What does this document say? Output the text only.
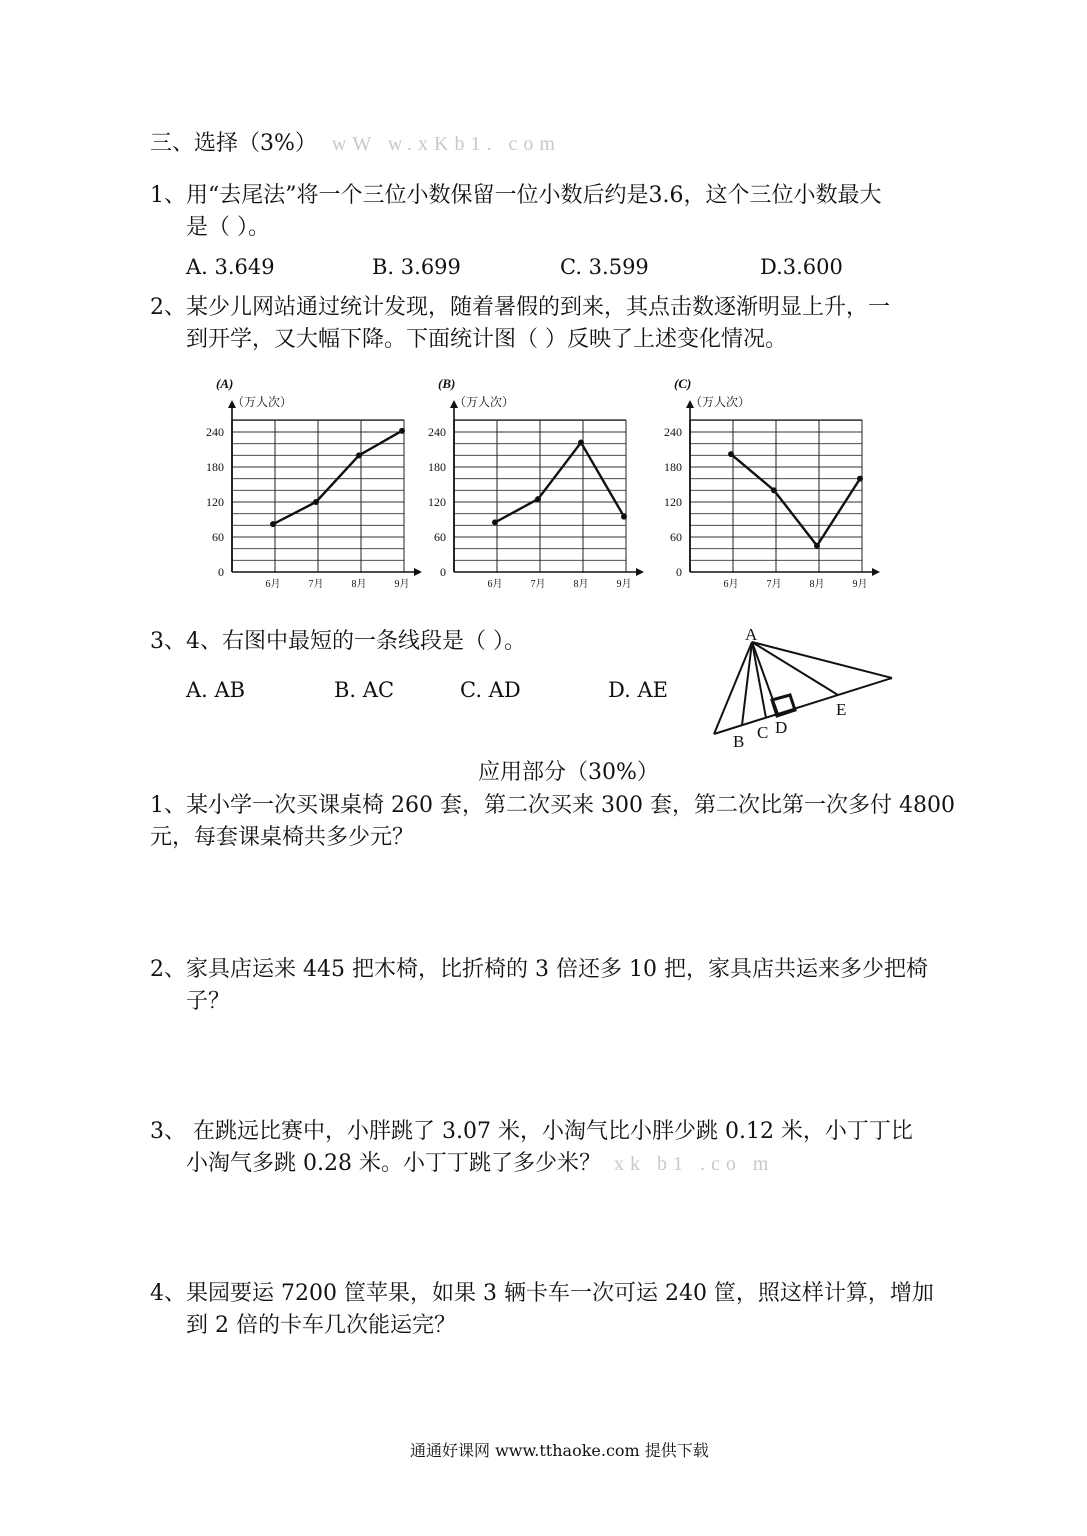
三、选择（3%） wW w.xKb1. com
1、用“去尾法”将一个三位小数保留一位小数后约是3.6，这个三位小数最大
是（ ）。
A. 3.649	B. 3.699	C. 3.599	D.3.600
2、某少儿网站通过统计发现，随着暑假的到来，其点击数逐渐明显上升，一
到开学，又大幅下降。下面统计图（ ）反映了上述变化情况。
(A)
（万人次）
0
60
120
180
240
6月	7月	8月	9月
(B)
（万人次）
0
60
120
180
240
6月	7月	8月	9月
(C)
（万人次）
0
60
120
180
240
6月	7月	8月	9月
3、4、右图中最短的一条线段是（ ）。
A. AB	B. AC	C. AD	D. AE
A
B C D
E
应用部分（30%）
1、某小学一次买课桌椅 260 套，第二次买来 300 套，第二次比第一次多付 4800
元，每套课桌椅共多少元？
2、家具店运来 445 把木椅，比折椅的 3 倍还多 10 把，家具店共运来多少把椅
子？
3、 在跳远比赛中，小胖跳了 3.07 米，小淘气比小胖少跳 0.12 米，小丁丁比
小淘气多跳 0.28 米。小丁丁跳了多少米？ xk b1 .co m
4、果园要运 7200 筐苹果，如果 3 辆卡车一次可运 240 筐，照这样计算，增加
到 2 倍的卡车几次能运完？
通通好课网 www.tthaoke.com 提供下载
